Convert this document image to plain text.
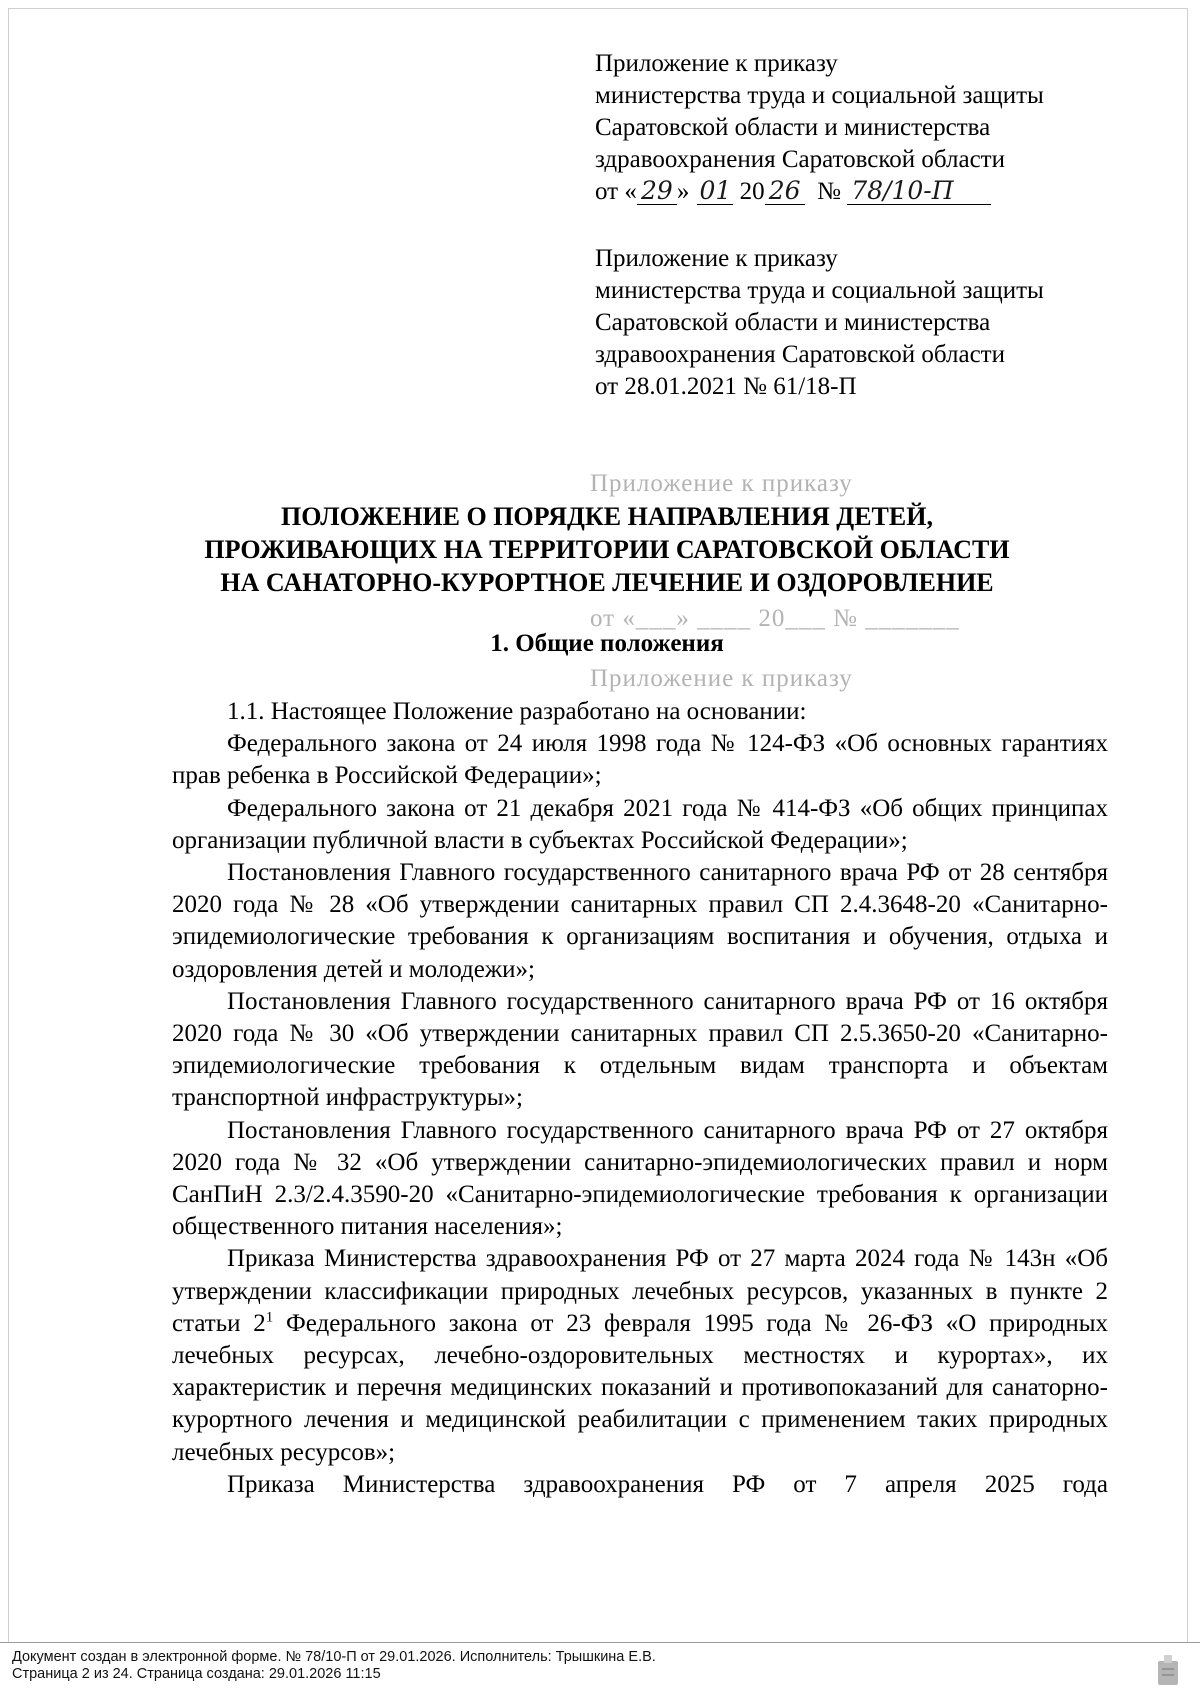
Приложение к приказу
министерства труда и социальной защиты
Саратовской области и министерства
здравоохранения Саратовской области
от « 29 » 01 20 26 № 78/10-П
Приложение к приказу
министерства труда и социальной защиты
Саратовской области и министерства
здравоохранения Саратовской области
от 28.01.2021 № 61/18-П
Приложение к приказу
от «___» ____ 20___ № _______
Приложение к приказу
ПОЛОЖЕНИЕ О ПОРЯДКЕ НАПРАВЛЕНИЯ ДЕТЕЙ,
ПРОЖИВАЮЩИХ НА ТЕРРИТОРИИ САРАТОВСКОЙ ОБЛАСТИ
НА САНАТОРНО-КУРОРТНОЕ ЛЕЧЕНИЕ И ОЗДОРОВЛЕНИЕ
1. Общие положения

1.1. Настоящее Положение разработано на основании:

Федерального закона от 24 июля 1998 года № 124-ФЗ «Об основных гарантиях прав ребенка в Российской Федерации»;

Федерального закона от 21 декабря 2021 года № 414-ФЗ «Об общих принципах организации публичной власти в субъектах Российской Федерации»;

Постановления Главного государственного санитарного врача РФ от 28 сентября 2020 года № 28 «Об утверждении санитарных правил СП 2.4.3648-20 «Санитарно-эпидемиологические требования к организациям воспитания и обучения, отдыха и оздоровления детей и молодежи»;

Постановления Главного государственного санитарного врача РФ от 16 октября 2020 года № 30 «Об утверждении санитарных правил СП 2.5.3650-20 «Санитарно-эпидемиологические требования к отдельным видам транспорта и объектам транспортной инфраструктуры»;

Постановления Главного государственного санитарного врача РФ от 27 октября 2020 года № 32 «Об утверждении санитарно-эпидемиологических правил и норм СанПиН 2.3/2.4.3590-20 «Санитарно-эпидемиологические требования к организации общественного питания населения»;

Приказа Министерства здравоохранения РФ от 27 марта 2024 года № 143н «Об утверждении классификации природных лечебных ресурсов, указанных в пункте 2 статьи $2^1$ Федерального закона от 23 февраля 1995 года № 26-ФЗ «О природных лечебных ресурсах, лечебно-оздоровительных местностях и курортах», их характеристик и перечня медицинских показаний и противопоказаний для санаторно-курортного лечения и медицинской реабилитации с применением таких природных лечебных ресурсов»;

Приказа Министерства здравоохранения РФ от 7 апреля 2025 года

Документ создан в электронной форме. № 78/10-П от 29.01.2026. Исполнитель: Трышкина Е.В.
Страница 2 из 24. Страница создана: 29.01.2026 11:15
